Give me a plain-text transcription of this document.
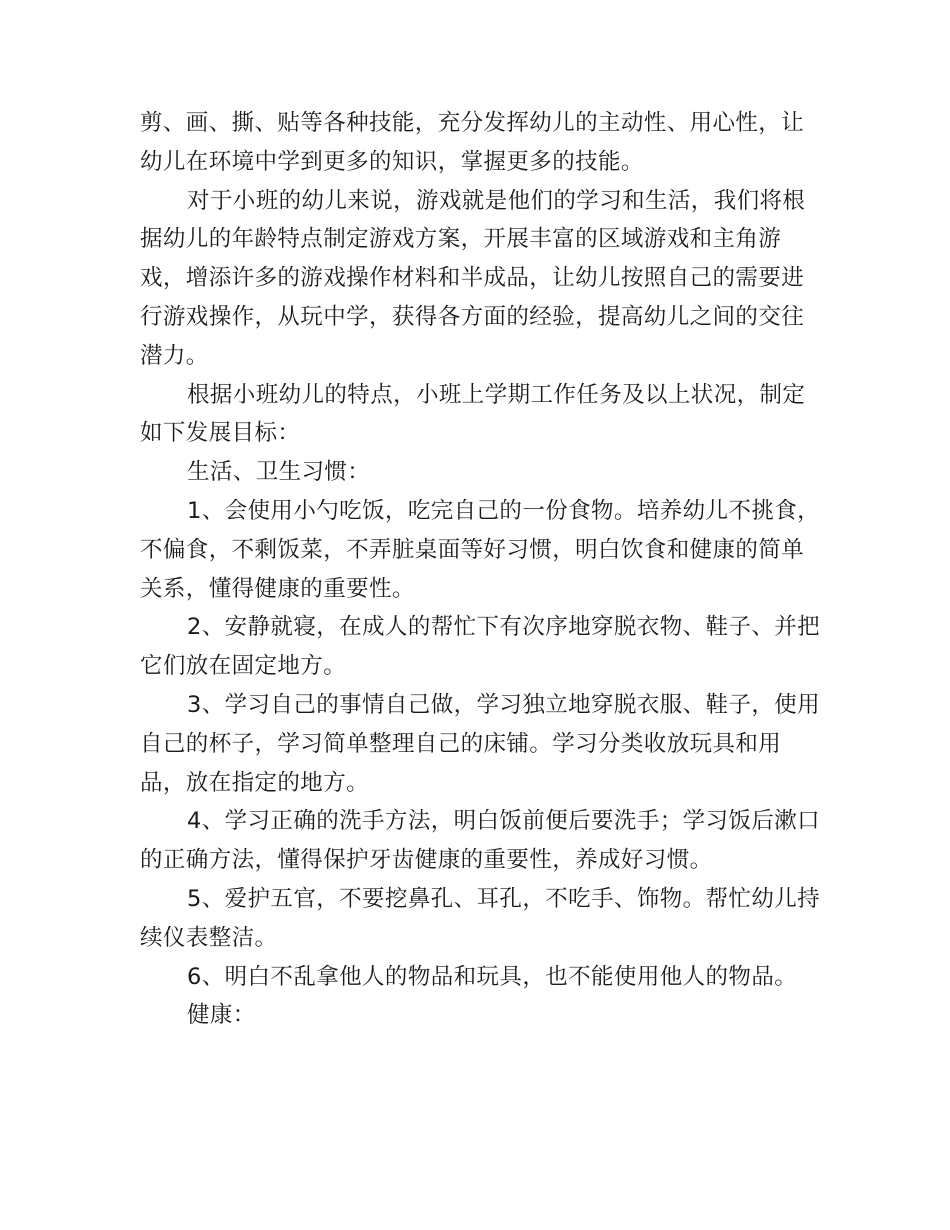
剪、画、撕、贴等各种技能，充分发挥幼儿的主动性、用心性，让
幼儿在环境中学到更多的知识，掌握更多的技能。
对于小班的幼儿来说，游戏就是他们的学习和生活，我们将根
据幼儿的年龄特点制定游戏方案，开展丰富的区域游戏和主角游
戏，增添许多的游戏操作材料和半成品，让幼儿按照自己的需要进
行游戏操作，从玩中学，获得各方面的经验，提高幼儿之间的交往
潜力。
根据小班幼儿的特点，小班上学期工作任务及以上状况，制定
如下发展目标：
生活、卫生习惯：
1、会使用小勺吃饭，吃完自己的一份食物。培养幼儿不挑食，
不偏食，不剩饭菜，不弄脏桌面等好习惯，明白饮食和健康的简单
关系，懂得健康的重要性。
2、安静就寝，在成人的帮忙下有次序地穿脱衣物、鞋子、并把
它们放在固定地方。
3、学习自己的事情自己做，学习独立地穿脱衣服、鞋子，使用
自己的杯子，学习简单整理自己的床铺。学习分类收放玩具和用
品，放在指定的地方。
4、学习正确的洗手方法，明白饭前便后要洗手；学习饭后漱口
的正确方法，懂得保护牙齿健康的重要性，养成好习惯。
5、爱护五官，不要挖鼻孔、耳孔，不吃手、饰物。帮忙幼儿持
续仪表整洁。
6、明白不乱拿他人的物品和玩具，也不能使用他人的物品。
健康：
